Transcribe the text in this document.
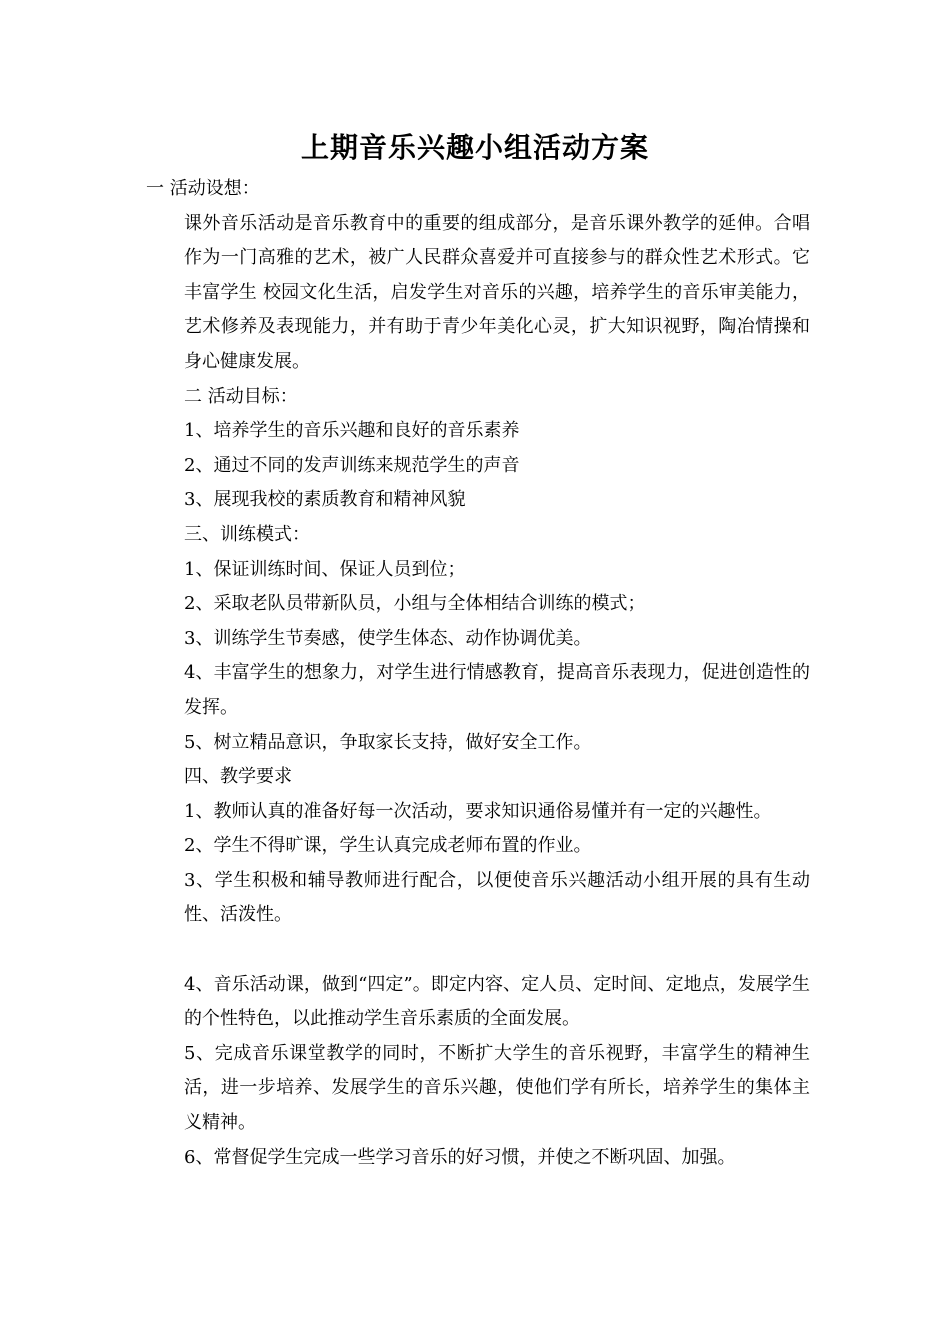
上期音乐兴趣小组活动方案
一 活动设想：
课外音乐活动是音乐教育中的重要的组成部分，是音乐课外教学的延伸。合唱作为一门高雅的艺术，被广人民群众喜爱并可直接参与的群众性艺术形式。它丰富学生 校园文化生活，启发学生对音乐的兴趣，培养学生的音乐审美能力，艺术修养及表现能力，并有助于青少年美化心灵，扩大知识视野，陶冶情操和身心健康发展。
二 活动目标：
1、培养学生的音乐兴趣和良好的音乐素养
2、通过不同的发声训练来规范学生的声音
3、展现我校的素质教育和精神风貌
三、训练模式：
1、保证训练时间、保证人员到位；
2、采取老队员带新队员，小组与全体相结合训练的模式；
3、训练学生节奏感，使学生体态、动作协调优美。
4、丰富学生的想象力，对学生进行情感教育，提高音乐表现力，促进创造性的发挥。
5、树立精品意识，争取家长支持，做好安全工作。
四、教学要求
1、教师认真的准备好每一次活动，要求知识通俗易懂并有一定的兴趣性。
2、学生不得旷课，学生认真完成老师布置的作业。
3、学生积极和辅导教师进行配合，以便使音乐兴趣活动小组开展的具有生动性、活泼性。
4、音乐活动课，做到“四定”。即定内容、定人员、定时间、定地点，发展学生的个性特色，以此推动学生音乐素质的全面发展。
5、完成音乐课堂教学的同时，不断扩大学生的音乐视野，丰富学生的精神生活，进一步培养、发展学生的音乐兴趣，使他们学有所长，培养学生的集体主义精神。
6、常督促学生完成一些学习音乐的好习惯，并使之不断巩固、加强。
